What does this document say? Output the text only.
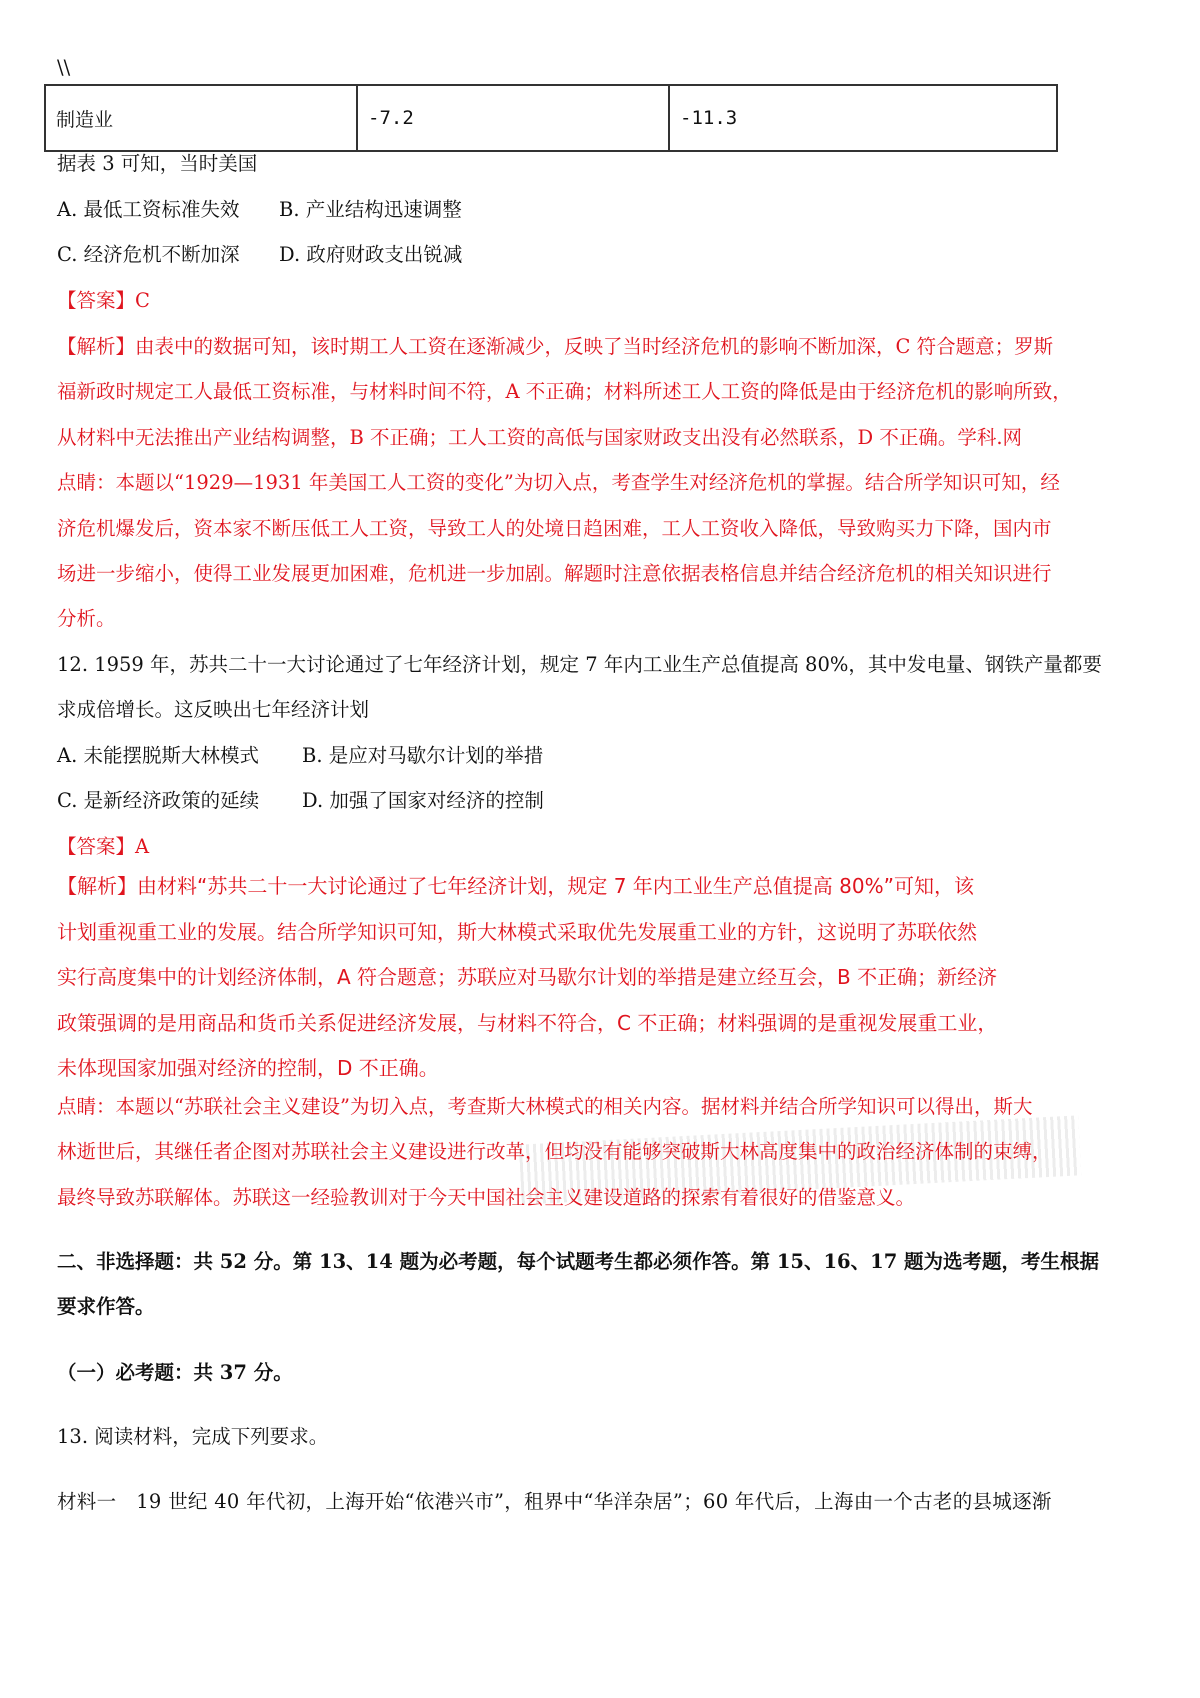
\\
制造业	-7.2	-11.3
据表 3 可知，当时美国
A. 最低工资标准失效 B. 产业结构迅速调整
C. 经济危机不断加深 D. 政府财政支出锐减
【答案】C
【解析】由表中的数据可知，该时期工人工资在逐渐减少，反映了当时经济危机的影响不断加深，C 符合题意；罗斯
福新政时规定工人最低工资标准，与材料时间不符，A 不正确；材料所述工人工资的降低是由于经济危机的影响所致，
从材料中无法推出产业结构调整，B 不正确；工人工资的高低与国家财政支出没有必然联系，D 不正确。学科.网
点睛：本题以“1929—1931 年美国工人工资的变化”为切入点，考查学生对经济危机的掌握。结合所学知识可知，经
济危机爆发后，资本家不断压低工人工资，导致工人的处境日趋困难，工人工资收入降低，导致购买力下降，国内市
场进一步缩小，使得工业发展更加困难，危机进一步加剧。解题时注意依据表格信息并结合经济危机的相关知识进行
分析。
12. 1959 年，苏共二十一大讨论通过了七年经济计划，规定 7 年内工业生产总值提高 80%，其中发电量、钢铁产量都要
求成倍增长。这反映出七年经济计划
A. 未能摆脱斯大林模式 B. 是应对马歇尔计划的举措
C. 是新经济政策的延续 D. 加强了国家对经济的控制
【答案】A
【解析】由材料“苏共二十一大讨论通过了七年经济计划，规定 7 年内工业生产总值提高 80%”可知，该
计划重视重工业的发展。结合所学知识可知，斯大林模式采取优先发展重工业的方针，这说明了苏联依然
实行高度集中的计划经济体制，A 符合题意；苏联应对马歇尔计划的举措是建立经互会，B 不正确；新经济
政策强调的是用商品和货币关系促进经济发展，与材料不符合，C 不正确；材料强调的是重视发展重工业，
未体现国家加强对经济的控制，D 不正确。
点睛：本题以“苏联社会主义建设”为切入点，考查斯大林模式的相关内容。据材料并结合所学知识可以得出，斯大
林逝世后，其继任者企图对苏联社会主义建设进行改革，但均没有能够突破斯大林高度集中的政治经济体制的束缚，
最终导致苏联解体。苏联这一经验教训对于今天中国社会主义建设道路的探索有着很好的借鉴意义。
二、非选择题：共 52 分。第 13、14 题为必考题，每个试题考生都必须作答。第 15、16、17 题为选考题，考生根据
要求作答。
（一）必考题：共 37 分。
13. 阅读材料，完成下列要求。
材料一　19 世纪 40 年代初，上海开始“依港兴市”，租界中“华洋杂居”；60 年代后，上海由一个古老的县城逐渐
